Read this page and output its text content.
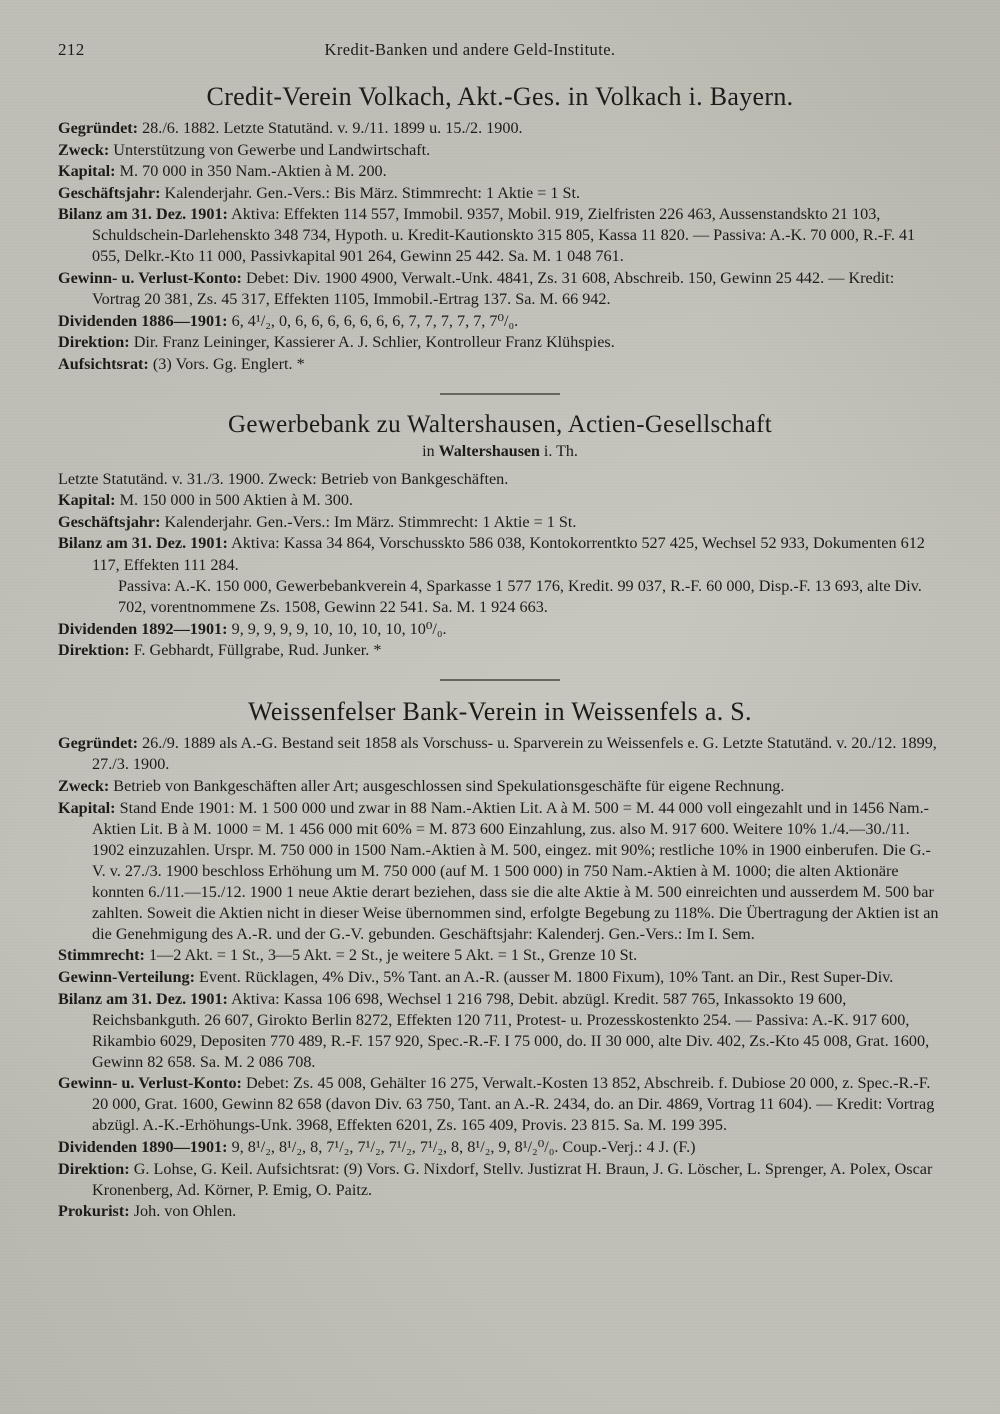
212	Kredit-Banken und andere Geld-Institute.
Credit-Verein Volkach, Akt.-Ges. in Volkach i. Bayern.

Gegründet: 28./6. 1882. Letzte Statutänd. v. 9./11. 1899 u. 15./2. 1900.

Zweck: Unterstützung von Gewerbe und Landwirtschaft.

Kapital: M. 70 000 in 350 Nam.-Aktien à M. 200.

Geschäftsjahr: Kalenderjahr. Gen.-Vers.: Bis März. Stimmrecht: 1 Aktie = 1 St.

Bilanz am 31. Dez. 1901: Aktiva: Effekten 114 557, Immobil. 9357, Mobil. 919, Zielfristen 226 463, Aussenstandskto 21 103, Schuldschein-Darlehenskto 348 734, Hypoth. u. Kredit-Kautionskto 315 805, Kassa 11 820. — Passiva: A.-K. 70 000, R.-F. 41 055, Delkr.-Kto 11 000, Passivkapital 901 264, Gewinn 25 442. Sa. M. 1 048 761.

Gewinn- u. Verlust-Konto: Debet: Div. 1900 4900, Verwalt.-Unk. 4841, Zs. 31 608, Abschreib. 150, Gewinn 25 442. — Kredit: Vortrag 20 381, Zs. 45 317, Effekten 1105, Immobil.-Ertrag 137. Sa. M. 66 942.

Dividenden 1886—1901: 6, 4¹/₂, 0, 6, 6, 6, 6, 6, 6, 6, 7, 7, 7, 7, 7, 7⁰/₀.

Direktion: Dir. Franz Leininger, Kassierer A. J. Schlier, Kontrolleur Franz Klühspies.

Aufsichtsrat: (3) Vors. Gg. Englert. *

Gewerbebank zu Waltershausen, Actien-Gesellschaft
in Waltershausen i. Th.

Letzte Statutänd. v. 31./3. 1900. Zweck: Betrieb von Bankgeschäften.

Kapital: M. 150 000 in 500 Aktien à M. 300.

Geschäftsjahr: Kalenderjahr. Gen.-Vers.: Im März. Stimmrecht: 1 Aktie = 1 St.

Bilanz am 31. Dez. 1901: Aktiva: Kassa 34 864, Vorschusskto 586 038, Kontokorrentkto 527 425, Wechsel 52 933, Dokumenten 612 117, Effekten 111 284.

Passiva: A.-K. 150 000, Gewerbebankverein 4, Sparkasse 1 577 176, Kredit. 99 037, R.-F. 60 000, Disp.-F. 13 693, alte Div. 702, vorentnommene Zs. 1508, Gewinn 22 541. Sa. M. 1 924 663.

Dividenden 1892—1901: 9, 9, 9, 9, 9, 10, 10, 10, 10, 10⁰/₀.

Direktion: F. Gebhardt, Füllgrabe, Rud. Junker. *

Weissenfelser Bank-Verein in Weissenfels a. S.

Gegründet: 26./9. 1889 als A.-G. Bestand seit 1858 als Vorschuss- u. Sparverein zu Weissenfels e. G. Letzte Statutänd. v. 20./12. 1899, 27./3. 1900.

Zweck: Betrieb von Bankgeschäften aller Art; ausgeschlossen sind Spekulationsgeschäfte für eigene Rechnung.

Kapital: Stand Ende 1901: M. 1 500 000 und zwar in 88 Nam.-Aktien Lit. A à M. 500 = M. 44 000 voll eingezahlt und in 1456 Nam.-Aktien Lit. B à M. 1000 = M. 1 456 000 mit 60% = M. 873 600 Einzahlung, zus. also M. 917 600. Weitere 10% 1./4.—30./11. 1902 einzuzahlen. Urspr. M. 750 000 in 1500 Nam.-Aktien à M. 500, eingez. mit 90%; restliche 10% in 1900 einberufen. Die G.-V. v. 27./3. 1900 beschloss Erhöhung um M. 750 000 (auf M. 1 500 000) in 750 Nam.-Aktien à M. 1000; die alten Aktionäre konnten 6./11.—15./12. 1900 1 neue Aktie derart beziehen, dass sie die alte Aktie à M. 500 einreichten und ausserdem M. 500 bar zahlten. Soweit die Aktien nicht in dieser Weise übernommen sind, erfolgte Begebung zu 118%. Die Übertragung der Aktien ist an die Genehmigung des A.-R. und der G.-V. gebunden. Geschäftsjahr: Kalenderj. Gen.-Vers.: Im I. Sem.

Stimmrecht: 1—2 Akt. = 1 St., 3—5 Akt. = 2 St., je weitere 5 Akt. = 1 St., Grenze 10 St.

Gewinn-Verteilung: Event. Rücklagen, 4% Div., 5% Tant. an A.-R. (ausser M. 1800 Fixum), 10% Tant. an Dir., Rest Super-Div.

Bilanz am 31. Dez. 1901: Aktiva: Kassa 106 698, Wechsel 1 216 798, Debit. abzügl. Kredit. 587 765, Inkassokto 19 600, Reichsbankguth. 26 607, Girokto Berlin 8272, Effekten 120 711, Protest- u. Prozesskostenkto 254. — Passiva: A.-K. 917 600, Rikambio 6029, Depositen 770 489, R.-F. 157 920, Spec.-R.-F. I 75 000, do. II 30 000, alte Div. 402, Zs.-Kto 45 008, Grat. 1600, Gewinn 82 658. Sa. M. 2 086 708.

Gewinn- u. Verlust-Konto: Debet: Zs. 45 008, Gehälter 16 275, Verwalt.-Kosten 13 852, Abschreib. f. Dubiose 20 000, z. Spec.-R.-F. 20 000, Grat. 1600, Gewinn 82 658 (davon Div. 63 750, Tant. an A.-R. 2434, do. an Dir. 4869, Vortrag 11 604). — Kredit: Vortrag abzügl. A.-K.-Erhöhungs-Unk. 3968, Effekten 6201, Zs. 165 409, Provis. 23 815. Sa. M. 199 395.

Dividenden 1890—1901: 9, 8¹/₂, 8¹/₂, 8, 7¹/₂, 7¹/₂, 7¹/₂, 7¹/₂, 8, 8¹/₂, 9, 8¹/₂⁰/₀. Coup.-Verj.: 4 J. (F.)

Direktion: G. Lohse, G. Keil. Aufsichtsrat: (9) Vors. G. Nixdorf, Stellv. Justizrat H. Braun, J. G. Löscher, L. Sprenger, A. Polex, Oscar Kronenberg, Ad. Körner, P. Emig, O. Paitz.

Prokurist: Joh. von Ohlen.
